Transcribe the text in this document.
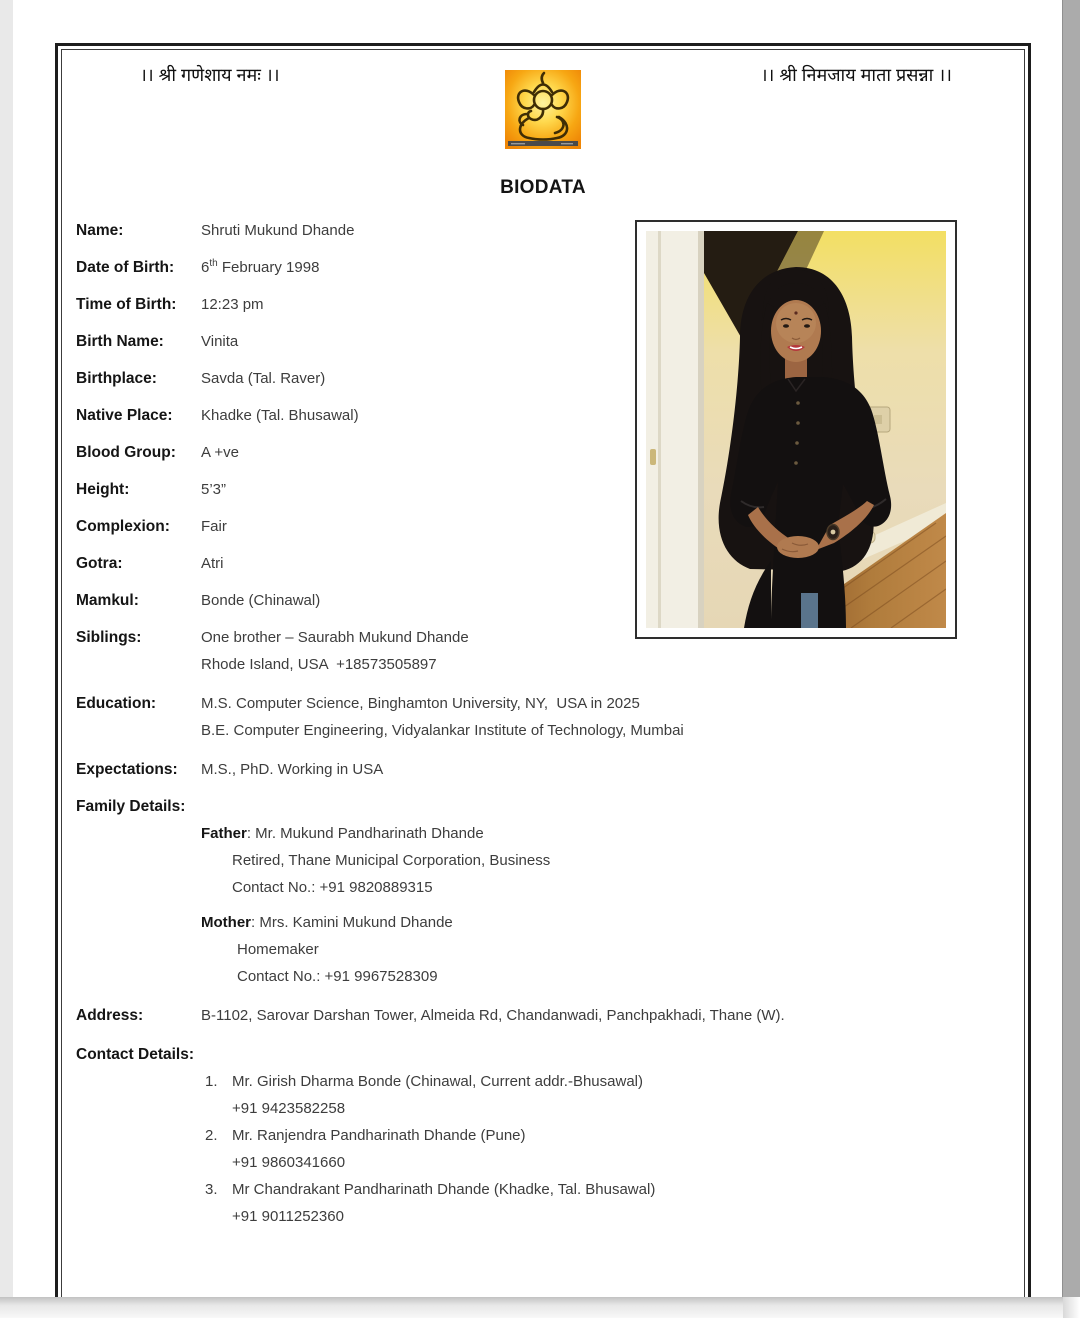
।। श्री गणेशाय नमः ।।	।। श्री निमजाय माता प्रसन्ना ।।
BIODATA
Name:	Shruti Mukund Dhande
Date of Birth:	6th February 1998
Time of Birth:	12:23 pm
Birth Name:	Vinita
Birthplace:	Savda (Tal. Raver)
Native Place:	Khadke (Tal. Bhusawal)
Blood Group:	A +ve
Height:	5’3”
Complexion:	Fair
Gotra:	Atri
Mamkul:	Bonde (Chinawal)
Siblings:	One brother – Saurabh Mukund Dhande
Rhode Island, USA  +18573505897
Education:	M.S. Computer Science, Binghamton University, NY,  USA in 2025
B.E. Computer Engineering, Vidyalankar Institute of Technology, Mumbai
Expectations:	M.S., PhD. Working in USA
Family Details:
Father: Mr. Mukund Pandharinath Dhande
Retired, Thane Municipal Corporation, Business
Contact No.: +91 9820889315
Mother: Mrs. Kamini Mukund Dhande
Homemaker
Contact No.: +91 9967528309
Address:	B-1102, Sarovar Darshan Tower, Almeida Rd, Chandanwadi, Panchpakhadi, Thane (W).
Contact Details:
1. Mr. Girish Dharma Bonde (Chinawal, Current addr.-Bhusawal)
+91 9423582258
2. Mr. Ranjendra Pandharinath Dhande (Pune)
+91 9860341660
3. Mr Chandrakant Pandharinath Dhande (Khadke, Tal. Bhusawal)
+91 9011252360
